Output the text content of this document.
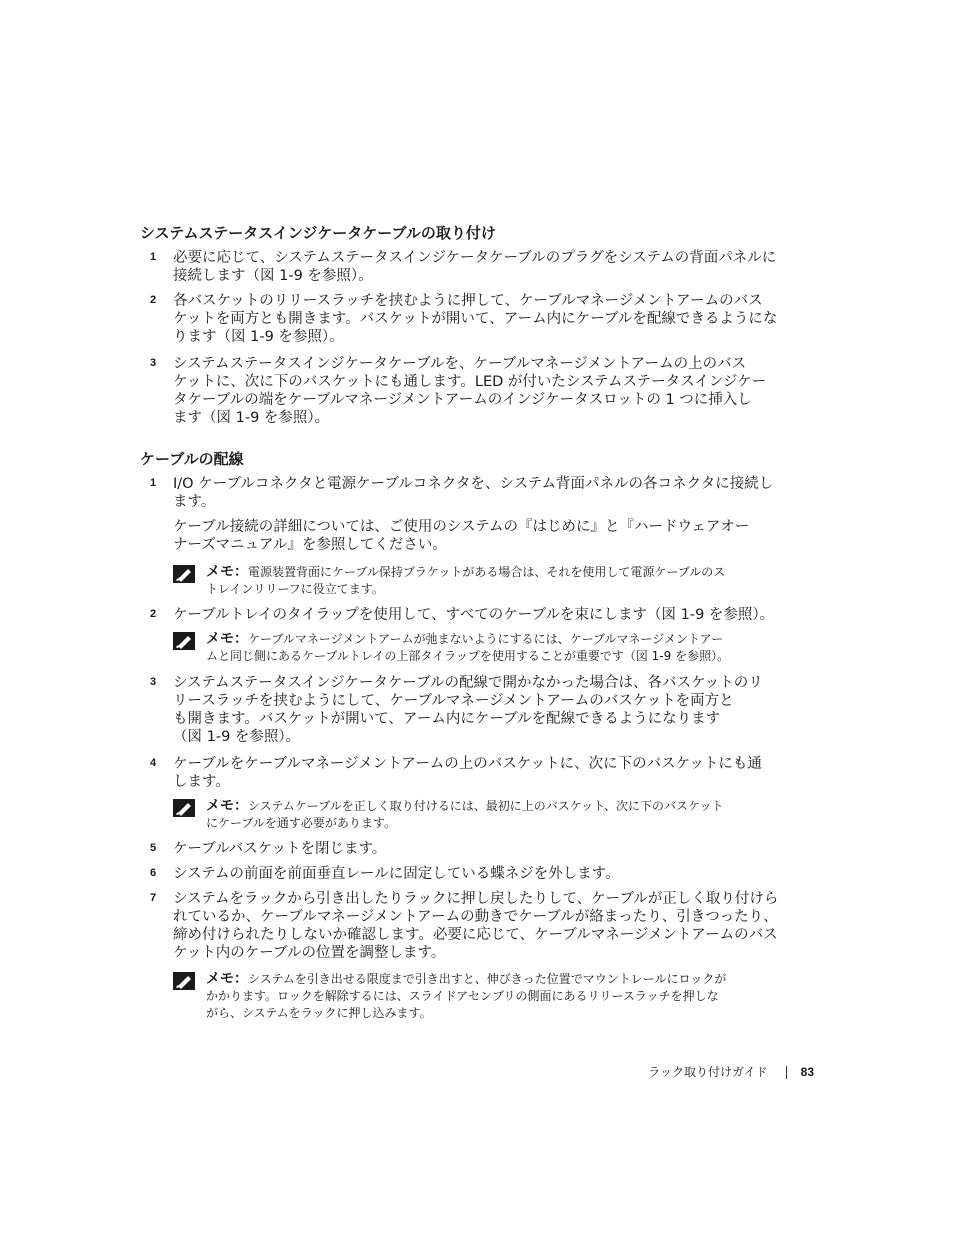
システムステータスインジケータケーブルの取り付け
1	必要に応じて、システムステータスインジケータケーブルのプラグをシステムの背面パネルに
接続します（図 1-9 を参照）。
2	各バスケットのリリースラッチを挟むように押して、ケーブルマネージメントアームのバス
ケットを両方とも開きます。バスケットが開いて、アーム内にケーブルを配線できるようにな
ります（図 1-9 を参照）。
3	システムステータスインジケータケーブルを、ケーブルマネージメントアームの上のバス
ケットに、次に下のバスケットにも通します。LED が付いたシステムステータスインジケー
タケーブルの端をケーブルマネージメントアームのインジケータスロットの 1 つに挿入し
ます（図 1-9 を参照）。
ケーブルの配線
1	I/O ケーブルコネクタと電源ケーブルコネクタを、システム背面パネルの各コネクタに接続し
ます。
ケーブル接続の詳細については、ご使用のシステムの『はじめに』と『ハードウェアオー
ナーズマニュアル』を参照してください。
メモ：電源装置背面にケーブル保持ブラケットがある場合は、それを使用して電源ケーブルのス
トレインリリーフに役立てます。
2	ケーブルトレイのタイラップを使用して、すべてのケーブルを束にします（図 1-9 を参照）。
メモ：ケーブルマネージメントアームが弛まないようにするには、ケーブルマネージメントアー
ムと同じ側にあるケーブルトレイの上部タイラップを使用することが重要です（図 1-9 を参照）。
3	システムステータスインジケータケーブルの配線で開かなかった場合は、各バスケットのリ
リースラッチを挟むようにして、ケーブルマネージメントアームのバスケットを両方と
も開きます。バスケットが開いて、アーム内にケーブルを配線できるようになります
（図 1-9 を参照）。
4	ケーブルをケーブルマネージメントアームの上のバスケットに、次に下のバスケットにも通
します。
メモ：システムケーブルを正しく取り付けるには、最初に上のバスケット、次に下のバスケット
にケーブルを通す必要があります。
5	ケーブルバスケットを閉じます。
6	システムの前面を前面垂直レールに固定している蝶ネジを外します。
7	システムをラックから引き出したりラックに押し戻したりして、ケーブルが正しく取り付けら
れているか、ケーブルマネージメントアームの動きでケーブルが絡まったり、引きつったり、
締め付けられたりしないか確認します。必要に応じて、ケーブルマネージメントアームのバス
ケット内のケーブルの位置を調整します。
メモ：システムを引き出せる限度まで引き出すと、伸びきった位置でマウントレールにロックが
かかります。ロックを解除するには、スライドアセンブリの側面にあるリリースラッチを押しな
がら、システムをラックに押し込みます。
ラック取り付けガイド	83
